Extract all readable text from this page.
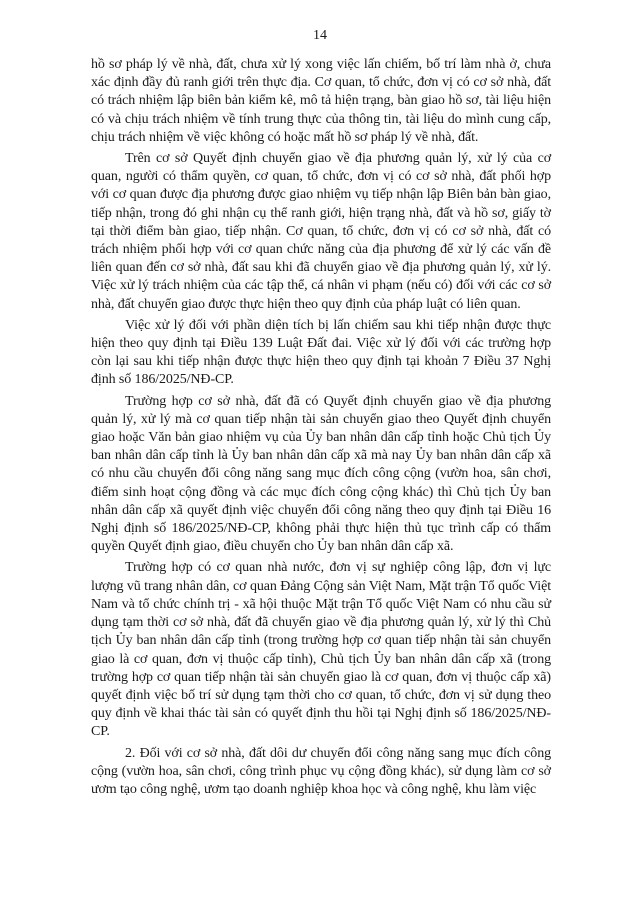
14

hồ sơ pháp lý về nhà, đất, chưa xử lý xong việc lấn chiếm, bố trí làm nhà ở, chưa xác định đầy đủ ranh giới trên thực địa. Cơ quan, tổ chức, đơn vị có cơ sở nhà, đất có trách nhiệm lập biên bản kiểm kê, mô tả hiện trạng, bàn giao hồ sơ, tài liệu hiện có và chịu trách nhiệm về tính trung thực của thông tin, tài liệu do mình cung cấp, chịu trách nhiệm về việc không có hoặc mất hồ sơ pháp lý về nhà, đất.

Trên cơ sở Quyết định chuyển giao về địa phương quản lý, xử lý của cơ quan, người có thẩm quyền, cơ quan, tổ chức, đơn vị có cơ sở nhà, đất phối hợp với cơ quan được địa phương được giao nhiệm vụ tiếp nhận lập Biên bản bàn giao, tiếp nhận, trong đó ghi nhận cụ thể ranh giới, hiện trạng nhà, đất và hồ sơ, giấy tờ tại thời điểm bàn giao, tiếp nhận. Cơ quan, tổ chức, đơn vị có cơ sở nhà, đất có trách nhiệm phối hợp với cơ quan chức năng của địa phương để xử lý các vấn đề liên quan đến cơ sở nhà, đất sau khi đã chuyển giao về địa phương quản lý, xử lý. Việc xử lý trách nhiệm của các tập thể, cá nhân vi phạm (nếu có) đối với các cơ sở nhà, đất chuyển giao được thực hiện theo quy định của pháp luật có liên quan.

Việc xử lý đối với phần diện tích bị lấn chiếm sau khi tiếp nhận được thực hiện theo quy định tại Điều 139 Luật Đất đai. Việc xử lý đối với các trường hợp còn lại sau khi tiếp nhận được thực hiện theo quy định tại khoản 7 Điều 37 Nghị định số 186/2025/NĐ-CP.

Trường hợp cơ sở nhà, đất đã có Quyết định chuyển giao về địa phương quản lý, xử lý mà cơ quan tiếp nhận tài sản chuyển giao theo Quyết định chuyển giao hoặc Văn bản giao nhiệm vụ của Ủy ban nhân dân cấp tỉnh hoặc Chủ tịch Ủy ban nhân dân cấp tỉnh là Ủy ban nhân dân cấp xã mà nay Ủy ban nhân dân cấp xã có nhu cầu chuyển đổi công năng sang mục đích công cộng (vườn hoa, sân chơi, điểm sinh hoạt cộng đồng và các mục đích công cộng khác) thì Chủ tịch Ủy ban nhân dân cấp xã quyết định việc chuyển đổi công năng theo quy định tại Điều 16 Nghị định số 186/2025/NĐ-CP, không phải thực hiện thủ tục trình cấp có thẩm quyền Quyết định giao, điều chuyển cho Ủy ban nhân dân cấp xã.

Trường hợp có cơ quan nhà nước, đơn vị sự nghiệp công lập, đơn vị lực lượng vũ trang nhân dân, cơ quan Đảng Cộng sản Việt Nam, Mặt trận Tổ quốc Việt Nam và tổ chức chính trị - xã hội thuộc Mặt trận Tổ quốc Việt Nam có nhu cầu sử dụng tạm thời cơ sở nhà, đất đã chuyển giao về địa phương quản lý, xử lý thì Chủ tịch Ủy ban nhân dân cấp tỉnh (trong trường hợp cơ quan tiếp nhận tài sản chuyển giao là cơ quan, đơn vị thuộc cấp tỉnh), Chủ tịch Ủy ban nhân dân cấp xã (trong trường hợp cơ quan tiếp nhận tài sản chuyển giao là cơ quan, đơn vị thuộc cấp xã) quyết định việc bố trí sử dụng tạm thời cho cơ quan, tổ chức, đơn vị sử dụng theo quy định về khai thác tài sản có quyết định thu hồi tại Nghị định số 186/2025/NĐ-CP.

2. Đối với cơ sở nhà, đất dôi dư chuyển đổi công năng sang mục đích công cộng (vườn hoa, sân chơi, công trình phục vụ cộng đồng khác), sử dụng làm cơ sở ươm tạo công nghệ, ươm tạo doanh nghiệp khoa học và công nghệ, khu làm việc
